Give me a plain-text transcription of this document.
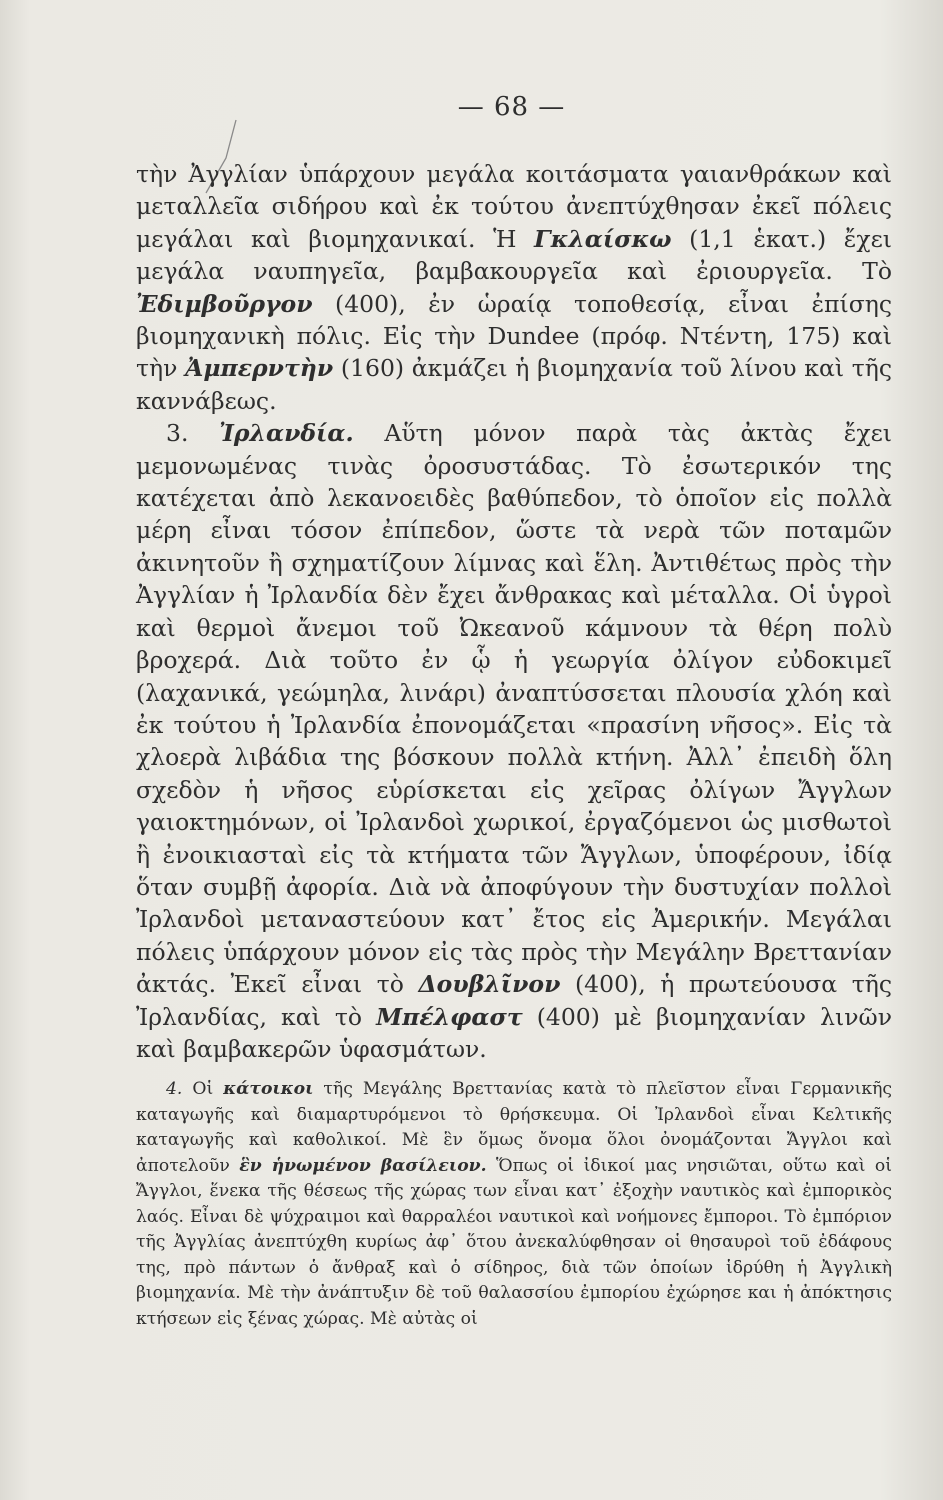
— 68 —

τὴν Ἀγγλίαν ὑπάρχουν μεγάλα κοιτάσματα γαιανθράκων καὶ μεταλλεῖα σιδήρου καὶ ἐκ τούτου ἀνεπτύχθησαν ἐκεῖ πόλεις μεγάλαι καὶ βιομηχανικαί. Ἡ Γκλαίσκω (1,1 ἑκατ.) ἔχει μεγάλα ναυπηγεῖα, βαμβακουργεῖα καὶ ἐριουργεῖα. Τὸ Ἐδιμβοῦργον (400), ἐν ὡραίᾳ τοποθεσίᾳ, εἶναι ἐπίσης βιομηχανικὴ πόλις. Εἰς τὴν Dundee (πρόφ. Ντέντη, 175) καὶ τὴν Ἀμπερντὴν (160) ἀκμάζει ἡ βιομηχανία τοῦ λίνου καὶ τῆς καννάβεως.

3. Ἰρλανδία. Αὕτη μόνον παρὰ τὰς ἀκτὰς ἔχει μεμονωμένας τινὰς ὀροσυστάδας. Τὸ ἐσωτερικόν της κατέχεται ἀπὸ λεκανοειδὲς βαθύπεδον, τὸ ὁποῖον εἰς πολλὰ μέρη εἶναι τόσον ἐπίπεδον, ὥστε τὰ νερὰ τῶν ποταμῶν ἀκινητοῦν ἢ σχηματίζουν λίμνας καὶ ἕλη. Ἀντιθέτως πρὸς τὴν Ἀγγλίαν ἡ Ἰρλανδία δὲν ἔχει ἄνθρακας καὶ μέταλλα. Οἱ ὑγροὶ καὶ θερμοὶ ἄνεμοι τοῦ Ὠκεανοῦ κάμνουν τὰ θέρη πολὺ βροχερά. Διὰ τοῦτο ἐν ᾧ ἡ γεωργία ὀλίγον εὐδοκιμεῖ (λαχανικά, γεώμηλα, λινάρι) ἀναπτύσσεται πλουσία χλόη καὶ ἐκ τούτου ἡ Ἰρλανδία ἐπονομάζεται «πρασίνη νῆσος». Εἰς τὰ χλοερὰ λιβάδια της βόσκουν πολλὰ κτήνη. Ἀλλ᾽ ἐπειδὴ ὅλη σχεδὸν ἡ νῆσος εὑρίσκεται εἰς χεῖρας ὀλίγων Ἄγγλων γαιοκτημόνων, οἱ Ἰρλανδοὶ χωρικοί, ἐργαζόμενοι ὡς μισθωτοὶ ἢ ἐνοικιασταὶ εἰς τὰ κτήματα τῶν Ἄγγλων, ὑποφέρουν, ἰδίᾳ ὅταν συμβῇ ἀφορία. Διὰ νὰ ἀποφύγουν τὴν δυστυχίαν πολλοὶ Ἰρλανδοὶ μεταναστεύουν κατ᾽ ἔτος εἰς Ἀμερικήν. Μεγάλαι πόλεις ὑπάρχουν μόνον εἰς τὰς πρὸς τὴν Μεγάλην Βρεττανίαν ἀκτάς. Ἐκεῖ εἶναι τὸ Δουβλῖνον (400), ἡ πρωτεύουσα τῆς Ἰρλανδίας, καὶ τὸ Μπέλφαστ (400) μὲ βιομηχανίαν λινῶν καὶ βαμβακερῶν ὑφασμάτων.

4. Οἱ κάτοικοι τῆς Μεγάλης Βρεττανίας κατὰ τὸ πλεῖστον εἶναι Γερμανικῆς καταγωγῆς καὶ διαμαρτυρόμενοι τὸ θρήσκευμα. Οἱ Ἰρλανδοὶ εἶναι Κελτικῆς καταγωγῆς καὶ καθολικοί. Μὲ ἓν ὅμως ὄνομα ὅλοι ὀνομάζονται Ἄγγλοι καὶ ἀποτελοῦν ἓν ἡνωμένον βασίλειον. Ὅπως οἱ ἰδικοί μας νησιῶται, οὕτω καὶ οἱ Ἄγγλοι, ἕνεκα τῆς θέσεως τῆς χώρας των εἶναι κατ᾽ ἐξοχὴν ναυτικὸς καὶ ἐμπορικὸς λαός. Εἶναι δὲ ψύχραιμοι καὶ θαρραλέοι ναυτικοὶ καὶ νοήμονες ἔμποροι. Τὸ ἐμπόριον τῆς Ἀγγλίας ἀνεπτύχθη κυρίως ἀφ᾽ ὅτου ἀνεκαλύφθησαν οἱ θησαυροὶ τοῦ ἐδάφους της, πρὸ πάντων ὁ ἄνθραξ καὶ ὁ σίδηρος, διὰ τῶν ὁποίων ἱδρύθη ἡ Ἀγγλικὴ βιομηχανία. Μὲ τὴν ἀνάπτυξιν δὲ τοῦ θαλασσίου ἐμπορίου ἐχώρησε και ἡ ἀπόκτησις κτήσεων εἰς ξένας χώρας. Μὲ αὐτὰς οἱ
